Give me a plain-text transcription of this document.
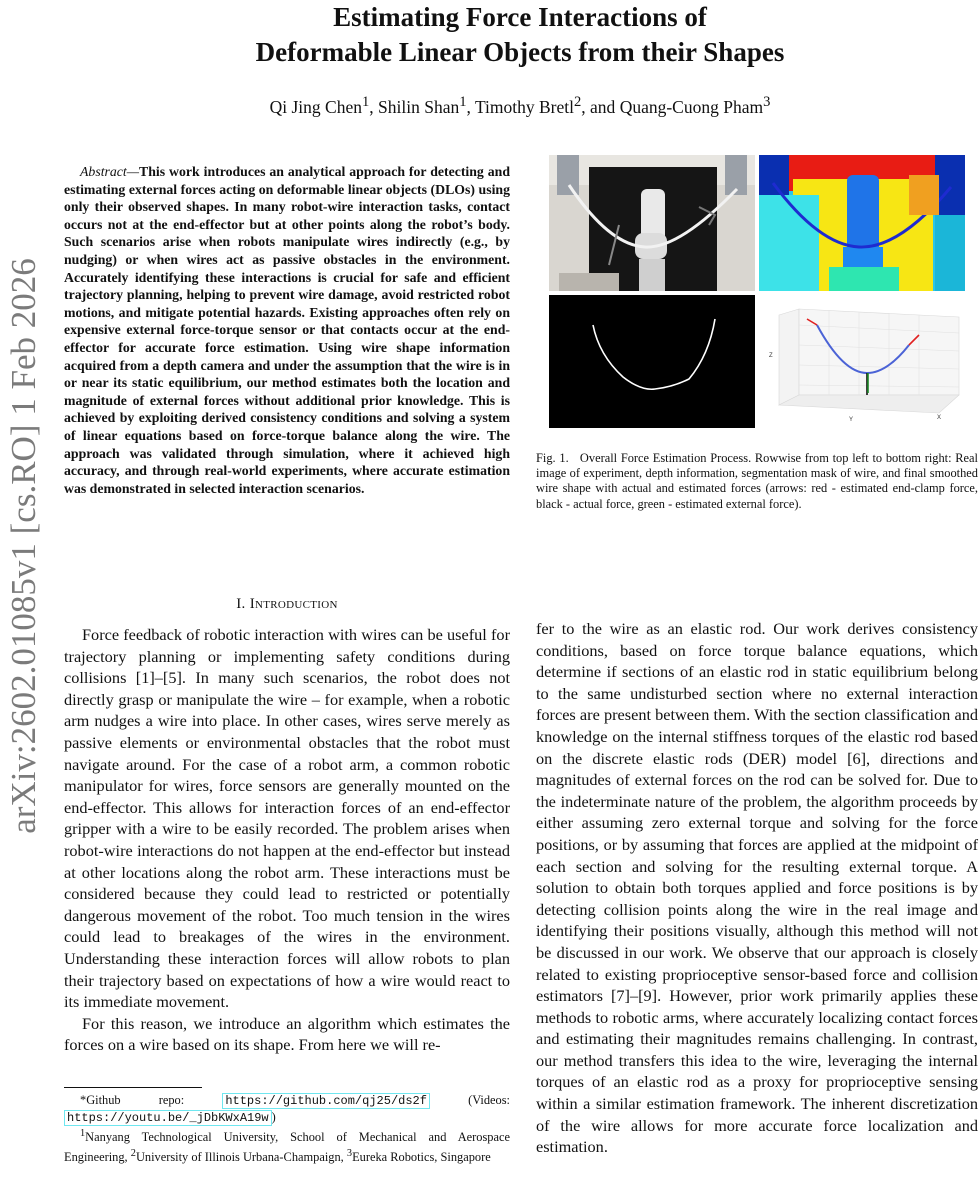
arXiv:2602.01085v1 [cs.RO] 1 Feb 2026
Estimating Force Interactions of
Deformable Linear Objects from their Shapes
Qi Jing Chen$^1$, Shilin Shan$^1$, Timothy Bretl$^2$, and Quang-Cuong Pham$^3$

Abstract—This work introduces an analytical approach for detecting and estimating external forces acting on deformable linear objects (DLOs) using only their observed shapes. In many robot-wire interaction tasks, contact occurs not at the end-effector but at other points along the robot’s body. Such scenarios arise when robots manipulate wires indirectly (e.g., by nudging) or when wires act as passive obstacles in the environment. Accurately identifying these interactions is crucial for safe and efficient trajectory planning, helping to prevent wire damage, avoid restricted robot motions, and mitigate potential hazards. Existing approaches often rely on expensive external force-torque sensor or that contacts occur at the end-effector for accurate force estimation. Using wire shape information acquired from a depth camera and under the assumption that the wire is in or near its static equilibrium, our method estimates both the location and magnitude of external forces without additional prior knowledge. This is achieved by exploiting derived consistency conditions and solving a system of linear equations based on force-torque balance along the wire. The approach was validated through simulation, where it achieved high accuracy, and through real-world experiments, where accurate estimation was demonstrated in selected interaction scenarios.

Z
Y	X

Fig. 1. Overall Force Estimation Process. Rowwise from top left to bottom right: Real image of experiment, depth information, segmentation mask of wire, and final smoothed wire shape with actual and estimated forces (arrows: red - estimated end-clamp force, black - actual force, green - estimated external force).

I. Introduction

Force feedback of robotic interaction with wires can be useful for trajectory planning or implementing safety conditions during collisions [1]–[5]. In many such scenarios, the robot does not directly grasp or manipulate the wire – for example, when a robotic arm nudges a wire into place. In other cases, wires serve merely as passive elements or environmental obstacles that the robot must navigate around. For the case of a robot arm, a common robotic manipulator for wires, force sensors are generally mounted on the end-effector. This allows for interaction forces of an end-effector gripper with a wire to be easily recorded. The problem arises when robot-wire interactions do not happen at the end-effector but instead at other locations along the robot arm. These interactions must be considered because they could lead to restricted or potentially dangerous movement of the robot. Too much tension in the wires could lead to breakages of the wires in the environment. Understanding these interaction forces will allow robots to plan their trajectory based on expectations of how a wire would react to its immediate movement.

For this reason, we introduce an algorithm which estimates the forces on a wire based on its shape. From here we will re-

*Github repo: https://github.com/qj25/ds2f (Videos: https://youtu.be/_jDbKWxA19w )

$^1$Nanyang Technological University, School of Mechanical and Aerospace Engineering, $^2$University of Illinois Urbana-Champaign, $^3$Eureka Robotics, Singapore

fer to the wire as an elastic rod. Our work derives consistency conditions, based on force torque balance equations, which determine if sections of an elastic rod in static equilibrium belong to the same undisturbed section where no external interaction forces are present between them. With the section classification and knowledge on the internal stiffness torques of the elastic rod based on the discrete elastic rods (DER) model [6], directions and magnitudes of external forces on the rod can be solved for. Due to the indeterminate nature of the problem, the algorithm proceeds by either assuming zero external torque and solving for the force positions, or by assuming that forces are applied at the midpoint of each section and solving for the resulting external torque. A solution to obtain both torques applied and force positions is by detecting collision points along the wire in the real image and identifying their positions visually, although this method will not be discussed in our work. We observe that our approach is closely related to existing proprioceptive sensor-based force and collision estimators [7]–[9]. However, prior work primarily applies these methods to robotic arms, where accurately localizing contact forces and estimating their magnitudes remains challenging. In contrast, our method transfers this idea to the wire, leveraging the internal torques of an elastic rod as a proxy for proprioceptive sensing within a similar estimation framework. The inherent discretization of the wire allows for more accurate force localization and estimation.
